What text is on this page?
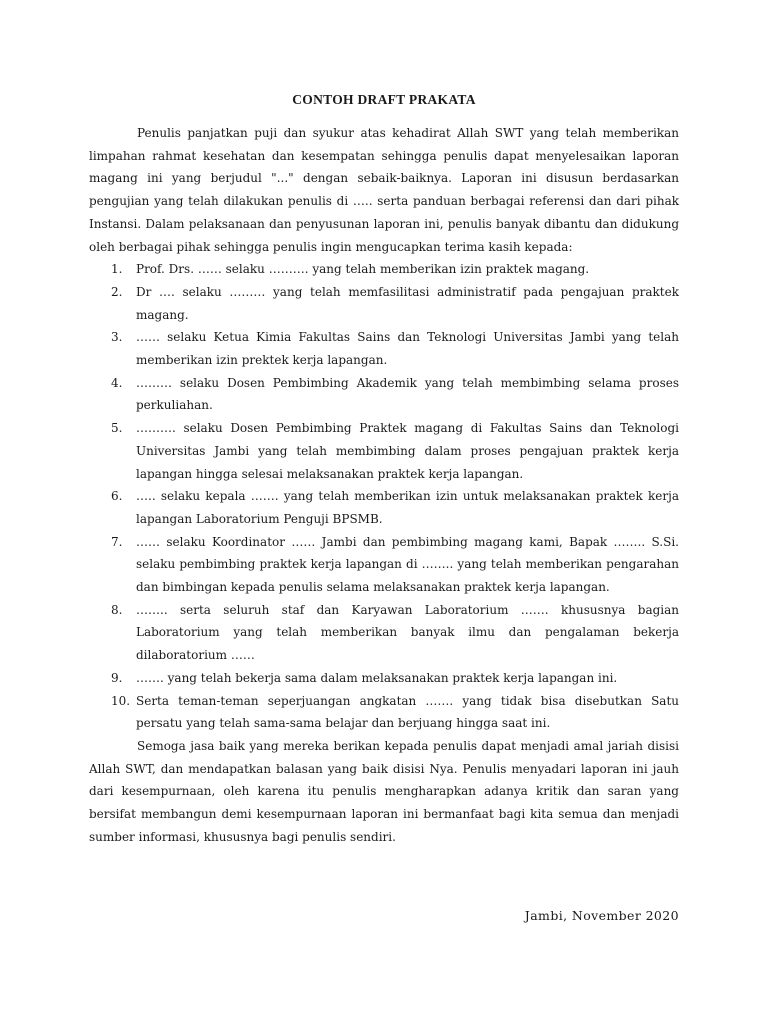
CONTOH DRAFT PRAKATA

Penulis panjatkan puji dan syukur atas kehadirat Allah SWT yang telah memberikan limpahan rahmat kesehatan dan kesempatan sehingga penulis dapat menyelesaikan laporan magang ini yang berjudul "..." dengan sebaik-baiknya. Laporan ini disusun berdasarkan pengujian yang telah dilakukan penulis di ….. serta panduan berbagai referensi dan dari pihak Instansi. Dalam pelaksanaan dan penyusunan laporan ini, penulis banyak dibantu dan didukung oleh berbagai pihak sehingga penulis ingin mengucapkan terima kasih kepada:

1.	Prof. Drs. …… selaku ………. yang telah memberikan izin praktek magang.
2.	Dr …. selaku ……… yang telah memfasilitasi administratif pada pengajuan praktek magang.
3.	…… selaku Ketua Kimia Fakultas Sains dan Teknologi Universitas Jambi yang telah memberikan izin prektek kerja lapangan.
4.	……… selaku Dosen Pembimbing Akademik yang telah membimbing selama proses perkuliahan.
5.	………. selaku Dosen Pembimbing Praktek magang di Fakultas Sains dan Teknologi Universitas Jambi yang telah membimbing dalam proses pengajuan praktek kerja lapangan hingga selesai melaksanakan praktek kerja lapangan.
6.	….. selaku kepala ……. yang telah memberikan izin untuk melaksanakan praktek kerja lapangan Laboratorium Penguji BPSMB.
7.	…… selaku Koordinator …… Jambi dan pembimbing magang kami, Bapak …….. S.Si. selaku pembimbing praktek kerja lapangan di …….. yang telah memberikan pengarahan dan bimbingan kepada penulis selama melaksanakan praktek kerja lapangan.
8.	…….. serta seluruh staf dan Karyawan Laboratorium ……. khususnya bagian Laboratorium yang telah memberikan banyak ilmu dan pengalaman bekerja dilaboratorium ……
9.	……. yang telah bekerja sama dalam melaksanakan praktek kerja lapangan ini.
10. Serta teman-teman seperjuangan angkatan ……. yang tidak bisa disebutkan Satu persatu yang telah sama-sama belajar dan berjuang hingga saat ini.

Semoga jasa baik yang mereka berikan kepada penulis dapat menjadi amal jariah disisi Allah SWT, dan mendapatkan balasan yang baik disisi Nya. Penulis menyadari laporan ini jauh dari kesempurnaan, oleh karena itu penulis mengharapkan adanya kritik dan saran yang bersifat membangun demi kesempurnaan laporan ini bermanfaat bagi kita semua dan menjadi sumber informasi, khususnya bagi penulis sendiri.

Jambi, November 2020
